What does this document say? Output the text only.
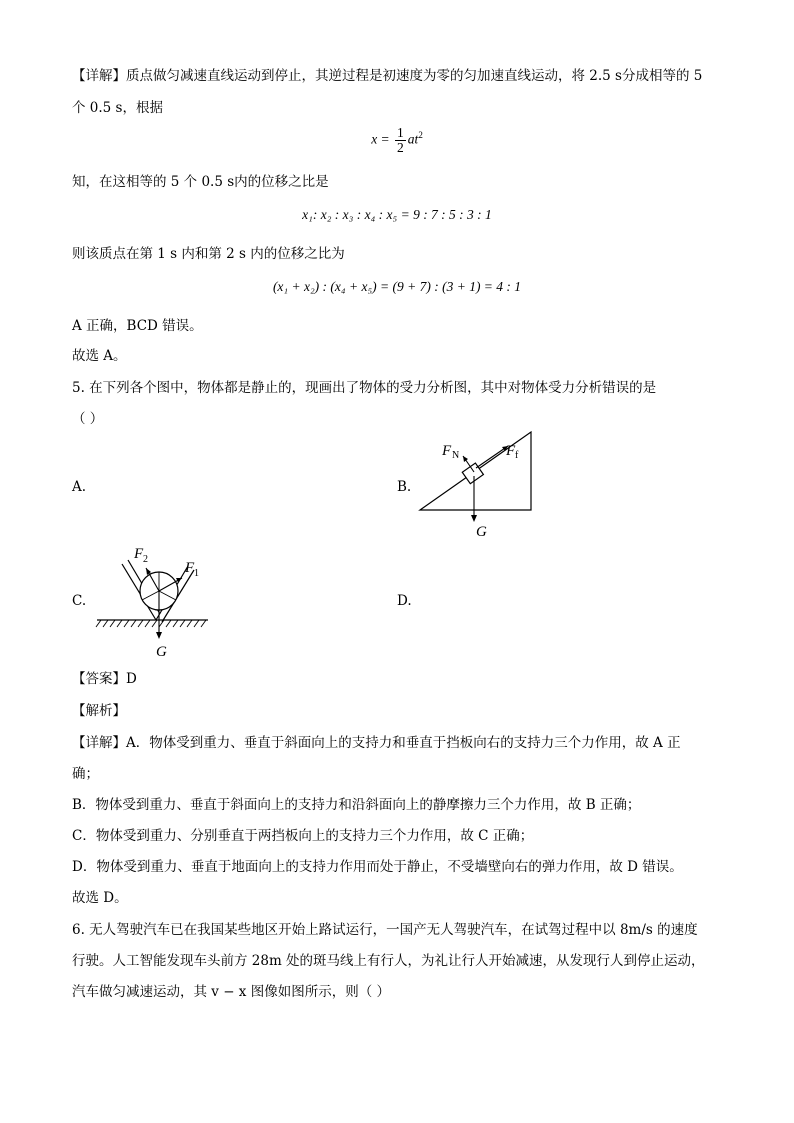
【详解】质点做匀减速直线运动到停止，其逆过程是初速度为零的匀加速直线运动，将 2.5 s分成相等的 5
个 0.5 s，根据
$x = \frac{1}{2} at^2$
知，在这相等的 5 个 0.5 s内的位移之比是
x₁: x₂ : x₃ : x₄ : x₅ = 9 : 7 : 5 : 3 : 1
则该质点在第 1 s 内和第 2 s 内的位移之比为
(x₁ + x₂) : (x₄ + x₅) = (9 + 7) : (3 + 1) = 4 : 1
A 正确，BCD 错误。
故选 A。
5. 在下列各个图中，物体都是静止的，现画出了物体的受力分析图，其中对物体受力分析错误的是
（ ）
A.	B.
C.	D.
F N	F f
G
F 2
F 1
G
【答案】D
【解析】
【详解】A．物体受到重力、垂直于斜面向上的支持力和垂直于挡板向右的支持力三个力作用，故 A 正
确；
B．物体受到重力、垂直于斜面向上的支持力和沿斜面向上的静摩擦力三个力作用，故 B 正确；
C．物体受到重力、分别垂直于两挡板向上的支持力三个力作用，故 C 正确；
D．物体受到重力、垂直于地面向上的支持力作用而处于静止，不受墙壁向右的弹力作用，故 D 错误。
故选 D。
6. 无人驾驶汽车已在我国某些地区开始上路试运行，一国产无人驾驶汽车，在试驾过程中以 8m/s 的速度
行驶。人工智能发现车头前方 28m 处的斑马线上有行人，为礼让行人开始减速，从发现行人到停止运动，
汽车做匀减速运动，其 v − x 图像如图所示，则（ ）
